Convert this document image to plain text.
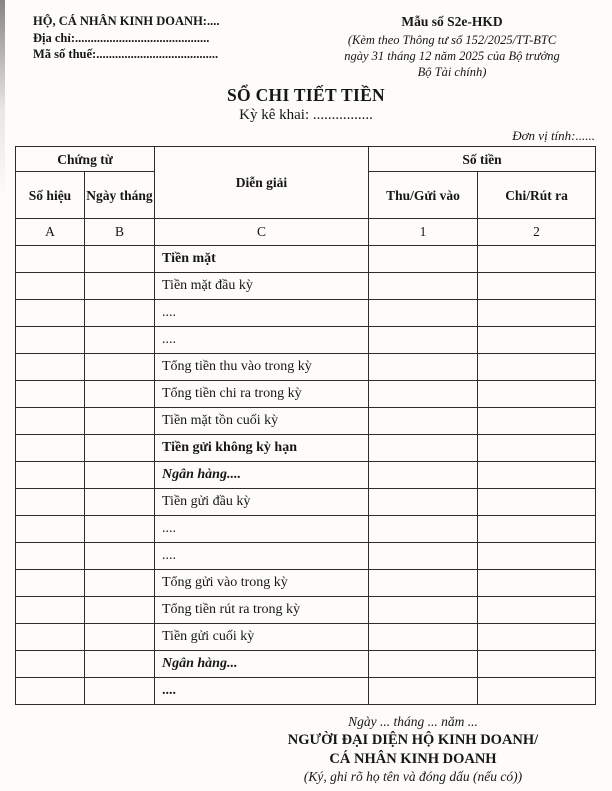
HỘ, CÁ NHÂN KINH DOANH:....
Địa chỉ:...........................................
Mã số thuế:.......................................
Mẫu số S2e-HKD
(Kèm theo Thông tư số 152/2025/TT-BTC
ngày 31 tháng 12 năm 2025 của Bộ trưởng
Bộ Tài chính)
SỔ CHI TIẾT TIỀN
Kỳ kê khai: ................
Đơn vị tính:......
Chứng từ		Diễn giải	Số tiền	
Số hiệu	Ngày tháng		Thu/Gửi vào	Chi/Rút ra
A	B	C	1	2
		Tiền mặt		
		Tiền mặt đầu kỳ		
		....		
		....		
		Tổng tiền thu vào trong kỳ		
		Tổng tiền chi ra trong kỳ		
		Tiền mặt tồn cuối kỳ		
		Tiền gửi không kỳ hạn		
		Ngân hàng....		
		Tiền gửi đầu kỳ		
		....		
		....		
		Tổng gửi vào trong kỳ		
		Tổng tiền rút ra trong kỳ		
		Tiền gửi cuối kỳ		
		Ngân hàng...		
		....		
Ngày ... tháng ... năm ...
NGƯỜI ĐẠI DIỆN HỘ KINH DOANH/
CÁ NHÂN KINH DOANH
(Ký, ghi rõ họ tên và đóng dấu (nếu có))
